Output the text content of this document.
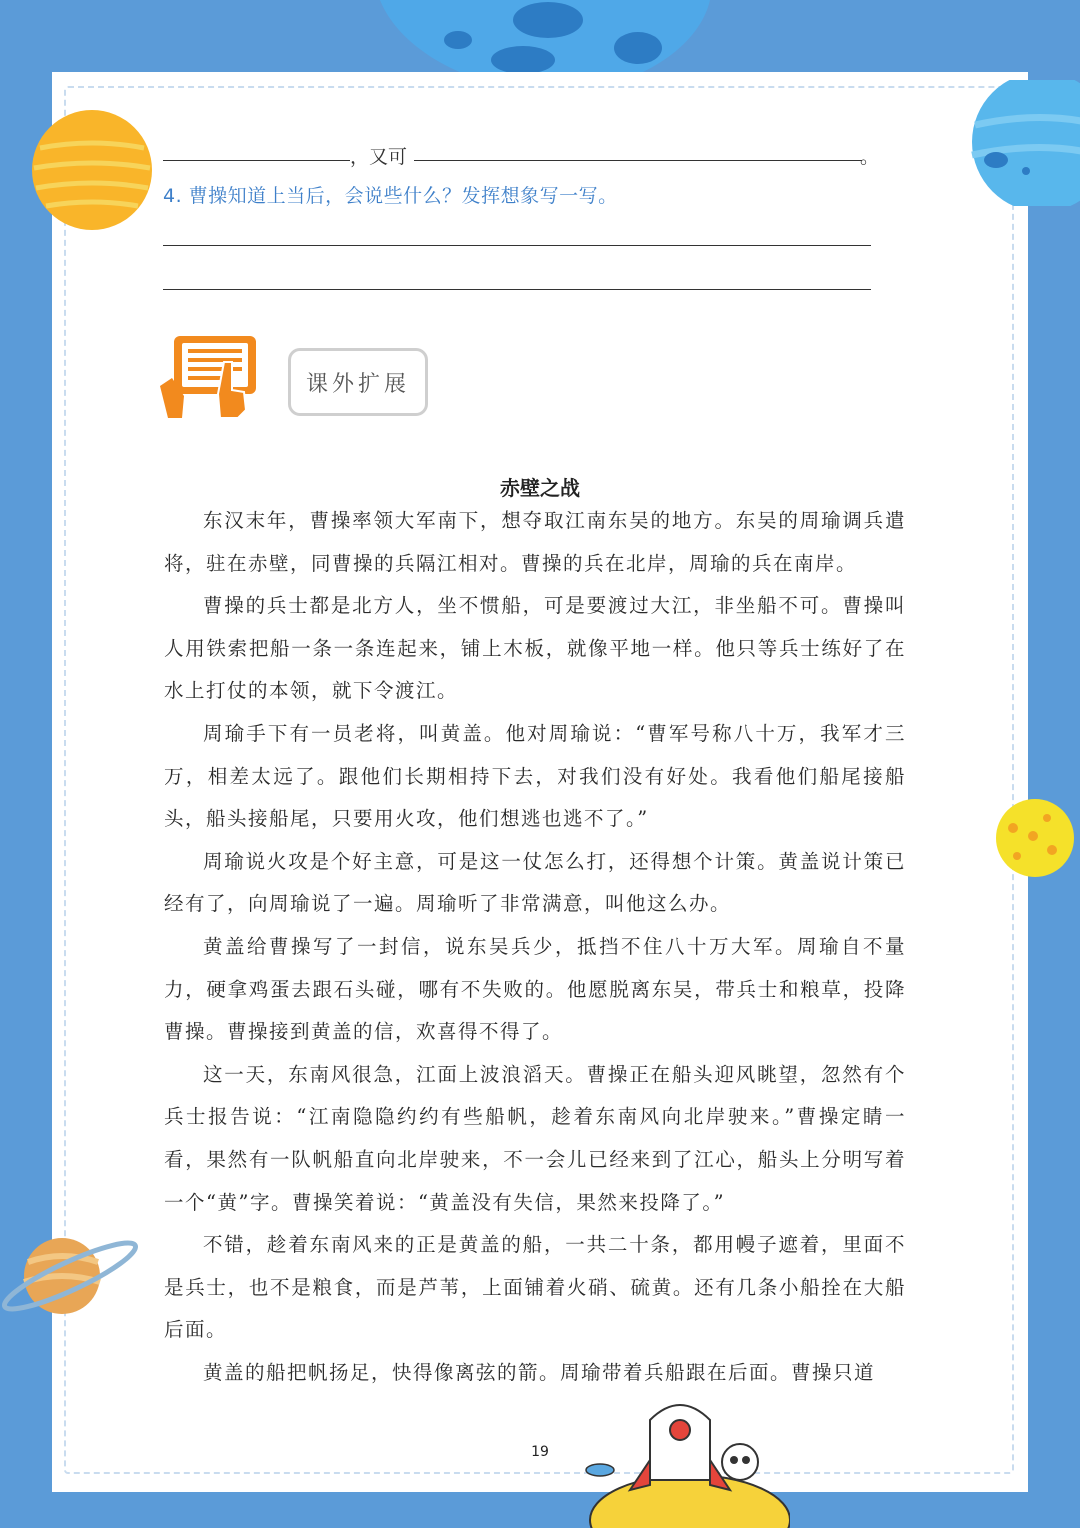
，又可	。
4. 曹操知道上当后，会说些什么？发挥想象写一写。
课外扩展
赤壁之战

东汉末年，曹操率领大军南下，想夺取江南东吴的地方。东吴的周瑜调兵遣将，驻在赤壁，同曹操的兵隔江相对。曹操的兵在北岸，周瑜的兵在南岸。

曹操的兵士都是北方人，坐不惯船，可是要渡过大江，非坐船不可。曹操叫人用铁索把船一条一条连起来，铺上木板，就像平地一样。他只等兵士练好了在水上打仗的本领，就下令渡江。

周瑜手下有一员老将，叫黄盖。他对周瑜说：“曹军号称八十万，我军才三万，相差太远了。跟他们长期相持下去，对我们没有好处。我看他们船尾接船头，船头接船尾，只要用火攻，他们想逃也逃不了。”

周瑜说火攻是个好主意，可是这一仗怎么打，还得想个计策。黄盖说计策已经有了，向周瑜说了一遍。周瑜听了非常满意，叫他这么办。

黄盖给曹操写了一封信，说东吴兵少，抵挡不住八十万大军。周瑜自不量力，硬拿鸡蛋去跟石头碰，哪有不失败的。他愿脱离东吴，带兵士和粮草，投降曹操。曹操接到黄盖的信，欢喜得不得了。

这一天，东南风很急，江面上波浪滔天。曹操正在船头迎风眺望，忽然有个兵士报告说：“江南隐隐约约有些船帆，趁着东南风向北岸驶来。”曹操定睛一看，果然有一队帆船直向北岸驶来，不一会儿已经来到了江心，船头上分明写着一个“黄”字。曹操笑着说：“黄盖没有失信，果然来投降了。”

不错，趁着东南风来的正是黄盖的船，一共二十条，都用幔子遮着，里面不是兵士，也不是粮食，而是芦苇，上面铺着火硝、硫黄。还有几条小船拴在大船后面。

黄盖的船把帆扬足，快得像离弦的箭。周瑜带着兵船跟在后面。曹操只道

19
